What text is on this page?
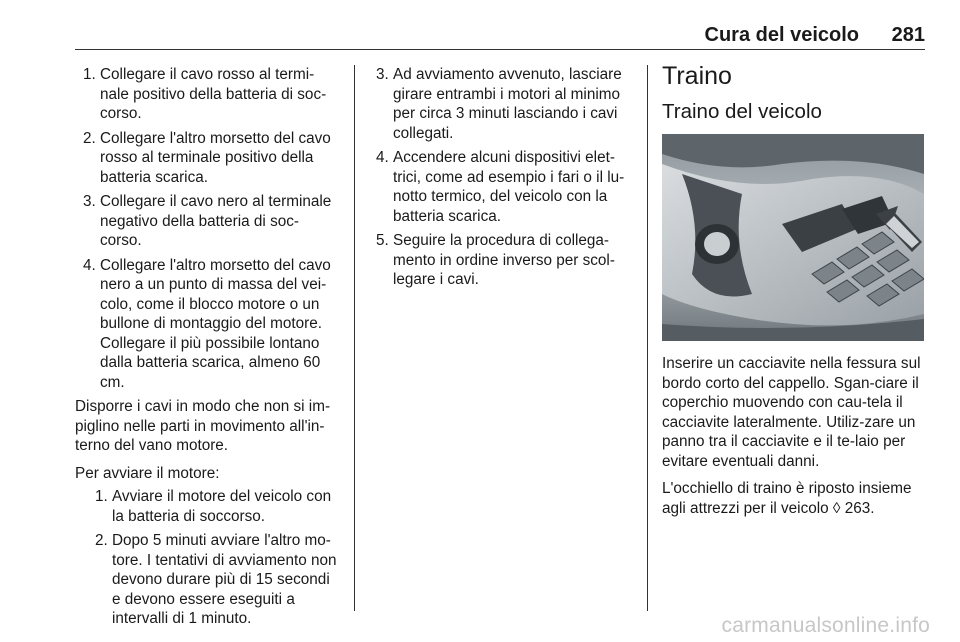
Cura del veicolo 281
1. Collegare il cavo rosso al termi-nale positivo della batteria di soc-corso.
2. Collegare l'altro morsetto del cavo rosso al terminale positivo della batteria scarica.
3. Collegare il cavo nero al terminale negativo della batteria di soc-corso.
4. Collegare l'altro morsetto del cavo nero a un punto di massa del vei-colo, come il blocco motore o un bullone di montaggio del motore. Collegare il più possibile lontano dalla batteria scarica, almeno 60 cm.

Disporre i cavi in modo che non si im-piglino nelle parti in movimento all'in-terno del vano motore.

Per avviare il motore:

1. Avviare il motore del veicolo con la batteria di soccorso.
2. Dopo 5 minuti avviare l'altro mo-tore. I tentativi di avviamento non devono durare più di 15 secondi e devono essere eseguiti a intervalli di 1 minuto.
3. Ad avviamento avvenuto, lasciare girare entrambi i motori al minimo per circa 3 minuti lasciando i cavi collegati.
4. Accendere alcuni dispositivi elet-trici, come ad esempio i fari o il lu-notto termico, del veicolo con la batteria scarica.
5. Seguire la procedura di collega-mento in ordine inverso per scol-legare i cavi.
Traino
Traino del veicolo

Inserire un cacciavite nella fessura sul bordo corto del cappello. Sgan-ciare il coperchio muovendo con cau-tela il cacciavite lateralmente. Utiliz-zare un panno tra il cacciavite e il te-laio per evitare eventuali danni.

L'occhiello di traino è riposto insieme agli attrezzi per il veicolo ◊ 263.

carmanualsonline.info
